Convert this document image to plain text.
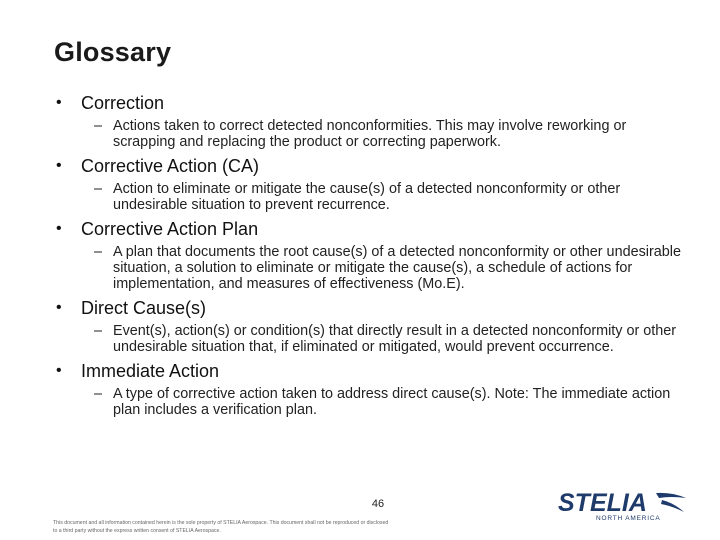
Glossary
• Correction
– Actions taken to correct detected nonconformities. This may involve reworking or scrapping and replacing the product or correcting paperwork.
• Corrective Action (CA)
– Action to eliminate or mitigate the cause(s) of a detected nonconformity or other undesirable situation to prevent recurrence.
• Corrective Action Plan
– A plan that documents the root cause(s) of a detected nonconformity or other undesirable situation, a solution to eliminate or mitigate the cause(s), a schedule of actions for implementation, and measures of effectiveness (Mo.E).
• Direct Cause(s)
– Event(s), action(s) or condition(s) that directly result in a detected nonconformity or other undesirable situation that, if eliminated or mitigated, would prevent occurrence.
• Immediate Action
– A type of corrective action taken to address direct cause(s). Note: The immediate action plan includes a verification plan.
46
This document and all information contained herein is the sole property of STELIA Aerospace. This document shall not be reproduced or disclosed to a third party without the express written consent of STELIA Aerospace.
STELIA
NORTH AMERICA
